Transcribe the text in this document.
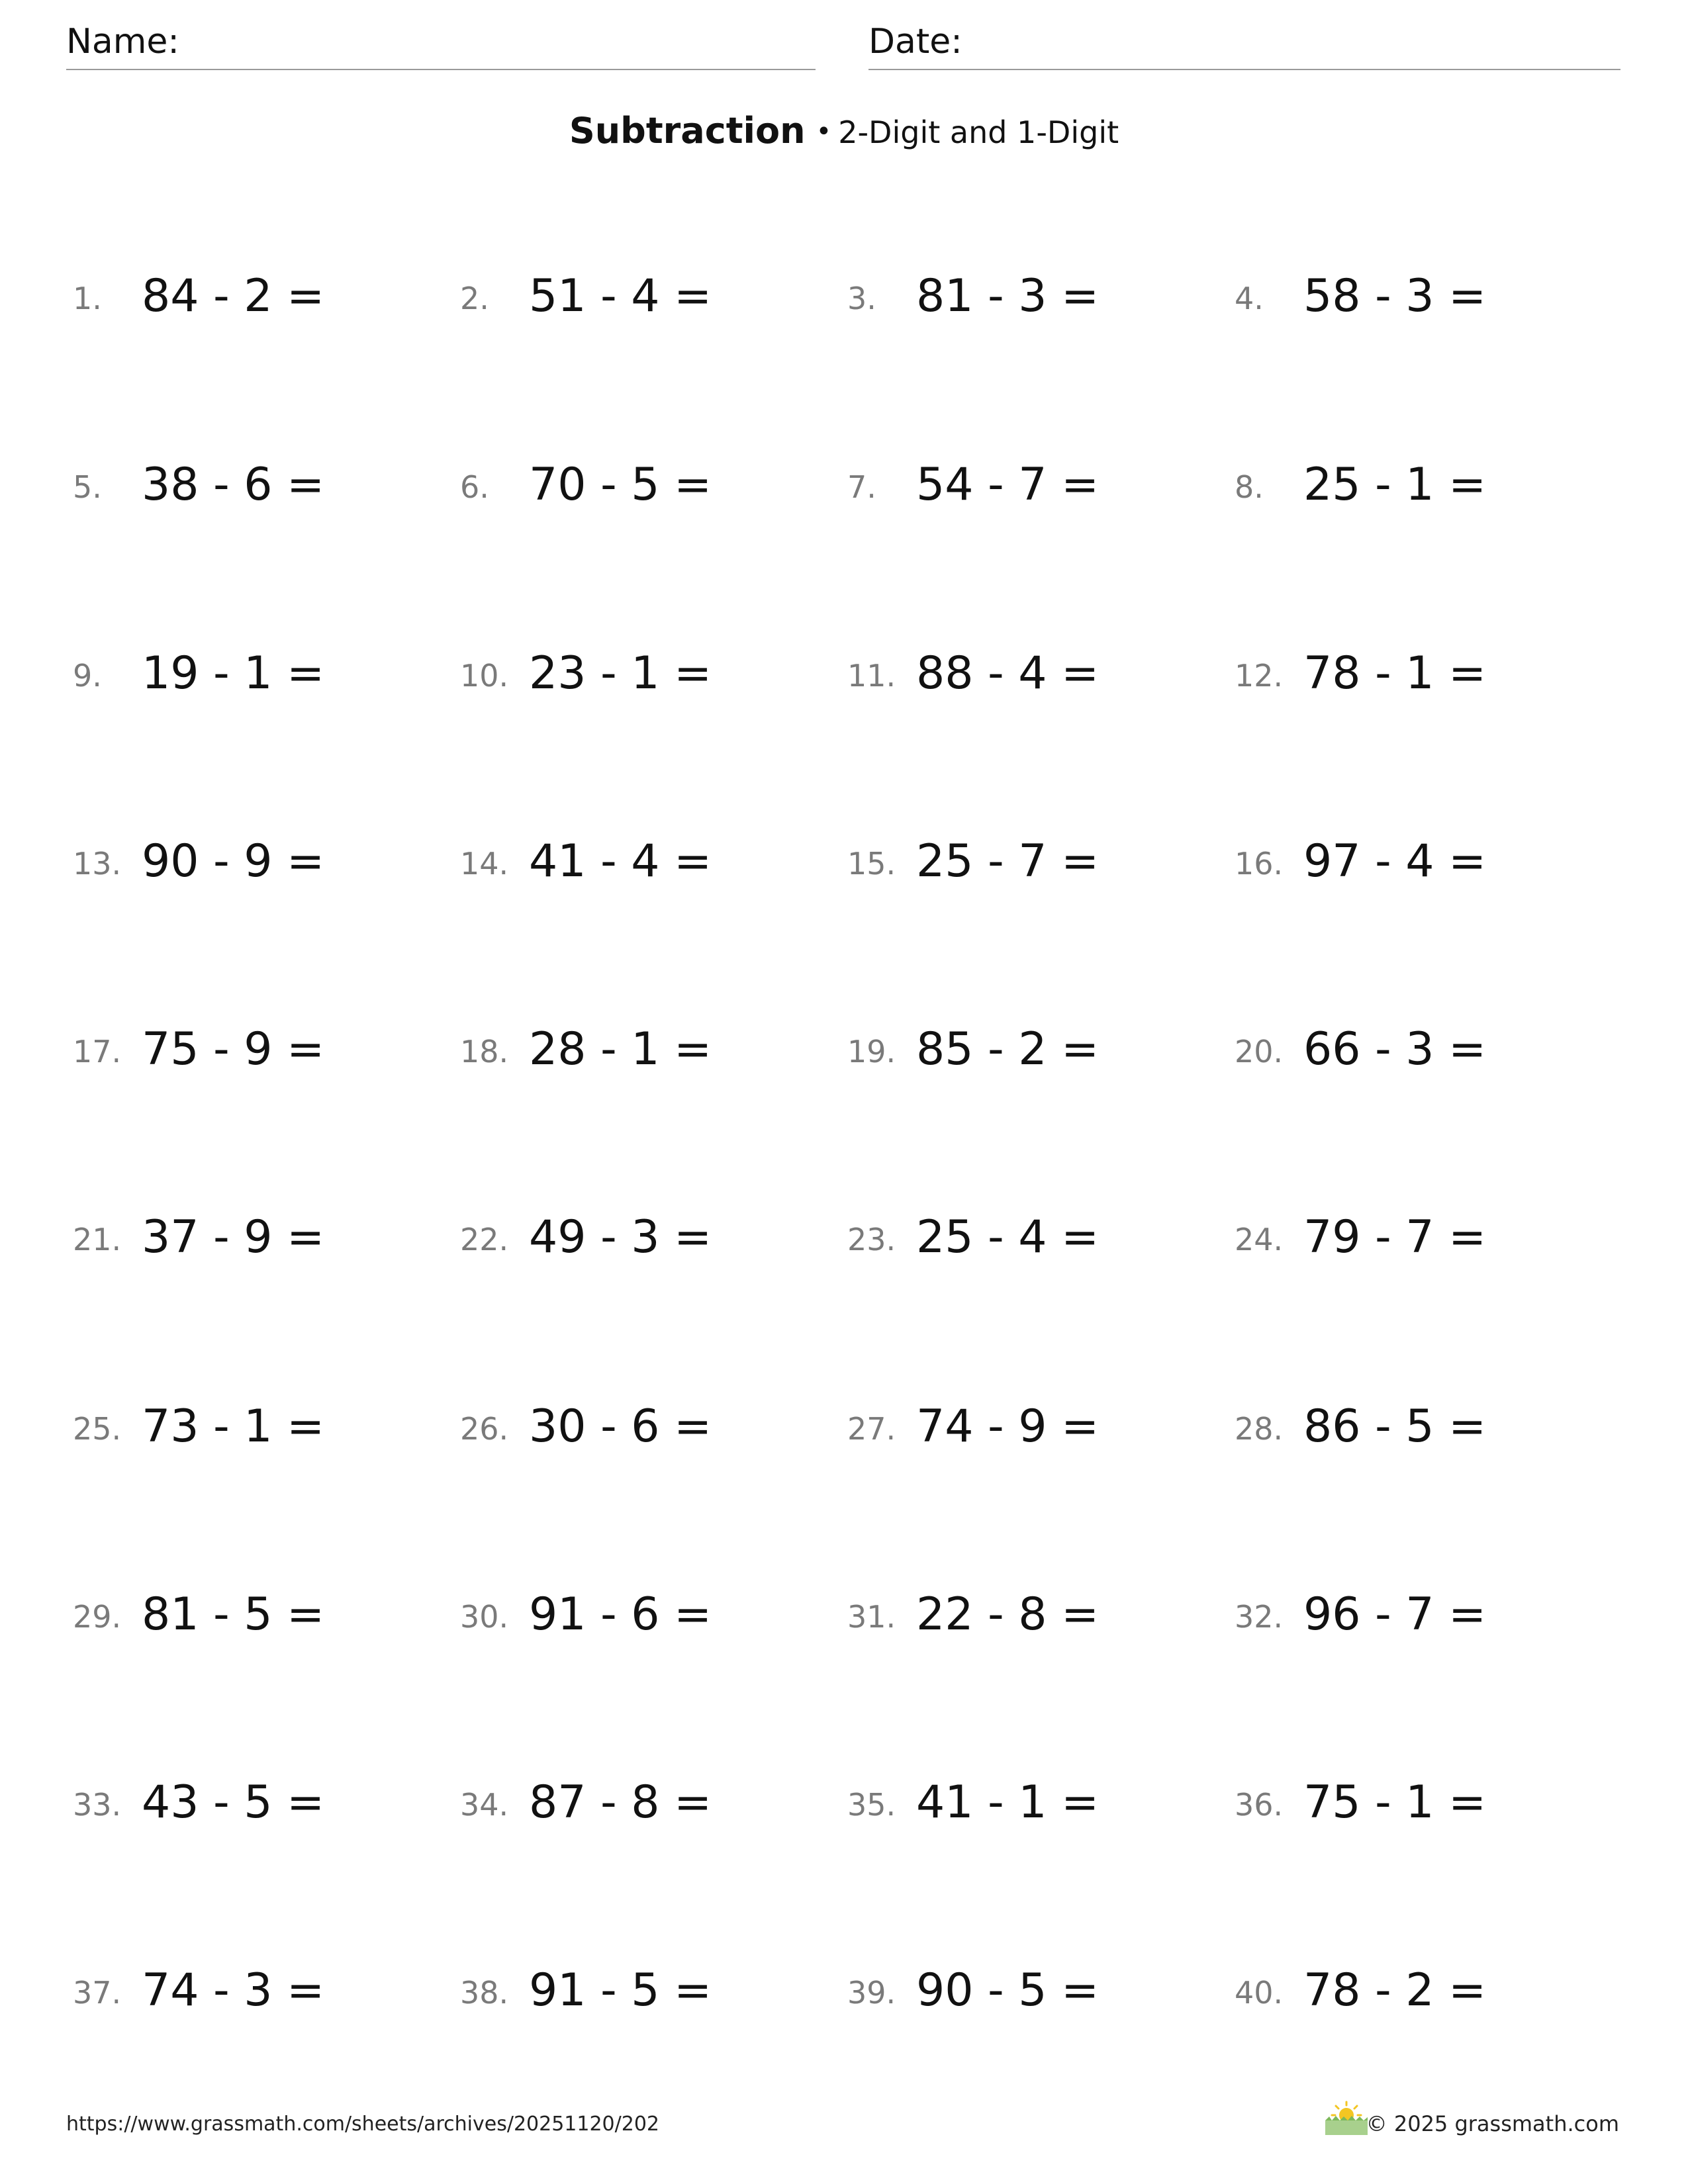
Name:	Date:
Subtraction • 2-Digit and 1-Digit
1. 84 - 2 =	2. 51 - 4 =	3. 81 - 3 =	4. 58 - 3 =
5. 38 - 6 =	6. 70 - 5 =	7. 54 - 7 =	8. 25 - 1 =
9. 19 - 1 =	10. 23 - 1 =	11. 88 - 4 =	12. 78 - 1 =
13. 90 - 9 =	14. 41 - 4 =	15. 25 - 7 =	16. 97 - 4 =
17. 75 - 9 =	18. 28 - 1 =	19. 85 - 2 =	20. 66 - 3 =
21. 37 - 9 =	22. 49 - 3 =	23. 25 - 4 =	24. 79 - 7 =
25. 73 - 1 =	26. 30 - 6 =	27. 74 - 9 =	28. 86 - 5 =
29. 81 - 5 =	30. 91 - 6 =	31. 22 - 8 =	32. 96 - 7 =
33. 43 - 5 =	34. 87 - 8 =	35. 41 - 1 =	36. 75 - 1 =
37. 74 - 3 =	38. 91 - 5 =	39. 90 - 5 =	40. 78 - 2 =
https://www.grassmath.com/sheets/archives/20251120/202	© 2025 grassmath.com
